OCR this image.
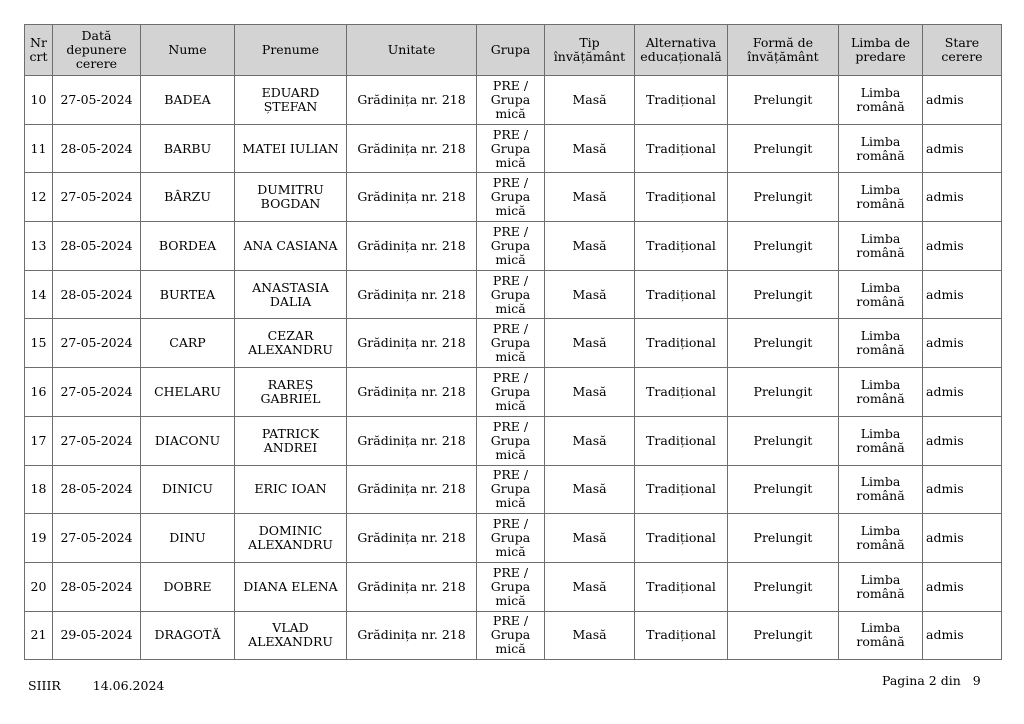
Nr crt	Dată depunere cerere	Nume	Prenume	Unitate	Grupa	Tip învățământ	Alternativa educațională	Formă de învățământ	Limba de predare	Stare cerere
10	27-05-2024	BADEA	EDUARD ȘTEFAN	Grădinița nr. 218	PRE / Grupa mică	Masă	Tradițional	Prelungit	Limba română	admis
11	28-05-2024	BARBU	MATEI IULIAN	Grădinița nr. 218	PRE / Grupa mică	Masă	Tradițional	Prelungit	Limba română	admis
12	27-05-2024	BÂRZU	DUMITRU BOGDAN	Grădinița nr. 218	PRE / Grupa mică	Masă	Tradițional	Prelungit	Limba română	admis
13	28-05-2024	BORDEA	ANA CASIANA	Grădinița nr. 218	PRE / Grupa mică	Masă	Tradițional	Prelungit	Limba română	admis
14	28-05-2024	BURTEA	ANASTASIA DALIA	Grădinița nr. 218	PRE / Grupa mică	Masă	Tradițional	Prelungit	Limba română	admis
15	27-05-2024	CARP	CEZAR ALEXANDRU	Grădinița nr. 218	PRE / Grupa mică	Masă	Tradițional	Prelungit	Limba română	admis
16	27-05-2024	CHELARU	RAREȘ GABRIEL	Grădinița nr. 218	PRE / Grupa mică	Masă	Tradițional	Prelungit	Limba română	admis
17	27-05-2024	DIACONU	PATRICK ANDREI	Grădinița nr. 218	PRE / Grupa mică	Masă	Tradițional	Prelungit	Limba română	admis
18	28-05-2024	DINICU	ERIC IOAN	Grădinița nr. 218	PRE / Grupa mică	Masă	Tradițional	Prelungit	Limba română	admis
19	27-05-2024	DINU	DOMINIC ALEXANDRU	Grădinița nr. 218	PRE / Grupa mică	Masă	Tradițional	Prelungit	Limba română	admis
20	28-05-2024	DOBRE	DIANA ELENA	Grădinița nr. 218	PRE / Grupa mică	Masă	Tradițional	Prelungit	Limba română	admis
21	29-05-2024	DRAGOTĂ	VLAD ALEXANDRU	Grădinița nr. 218	PRE / Grupa mică	Masă	Tradițional	Prelungit	Limba română	admis
SIIIR	14.06.2024	Pagina 2 din 9
